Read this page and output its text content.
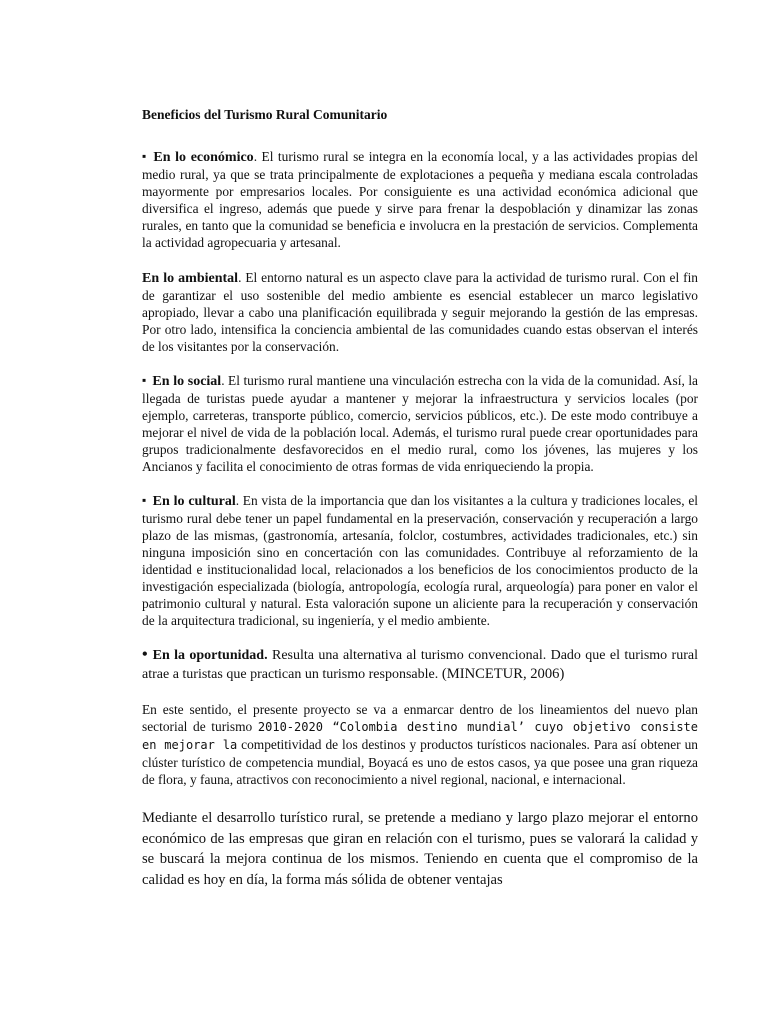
Beneficios del Turismo Rural Comunitario

▪ En lo económico. El turismo rural se integra en la economía local, y a las actividades propias del medio rural, ya que se trata principalmente de explotaciones a pequeña y mediana escala controladas mayormente por empresarios locales. Por consiguiente es una actividad económica adicional que diversifica el ingreso, además que puede y sirve para frenar la despoblación y dinamizar las zonas rurales, en tanto que la comunidad se beneficia e involucra en la prestación de servicios. Complementa la actividad agropecuaria y artesanal.

En lo ambiental. El entorno natural es un aspecto clave para la actividad de turismo rural. Con el fin de garantizar el uso sostenible del medio ambiente es esencial establecer un marco legislativo apropiado, llevar a cabo una planificación equilibrada y seguir mejorando la gestión de las empresas. Por otro lado, intensifica la conciencia ambiental de las comunidades cuando estas observan el interés de los visitantes por la conservación.

▪ En lo social. El turismo rural mantiene una vinculación estrecha con la vida de la comunidad. Así, la llegada de turistas puede ayudar a mantener y mejorar la infraestructura y servicios locales (por ejemplo, carreteras, transporte público, comercio, servicios públicos, etc.). De este modo contribuye a mejorar el nivel de vida de la población local. Además, el turismo rural puede crear oportunidades para grupos tradicionalmente desfavorecidos en el medio rural, como los jóvenes, las mujeres y los Ancianos y facilita el conocimiento de otras formas de vida enriqueciendo la propia.

▪ En lo cultural. En vista de la importancia que dan los visitantes a la cultura y tradiciones locales, el turismo rural debe tener un papel fundamental en la preservación, conservación y recuperación a largo plazo de las mismas, (gastronomía, artesanía, folclor, costumbres, actividades tradicionales, etc.) sin ninguna imposición sino en concertación con las comunidades. Contribuye al reforzamiento de la identidad e institucionalidad local, relacionados a los beneficios de los conocimientos producto de la investigación especializada (biología, antropología, ecología rural, arqueología) para poner en valor el patrimonio cultural y natural. Esta valoración supone un aliciente para la recuperación y conservación de la arquitectura tradicional, su ingeniería, y el medio ambiente.

• En la oportunidad. Resulta una alternativa al turismo convencional. Dado que el turismo rural atrae a turistas que practican un turismo responsable. (MINCETUR, 2006)

En este sentido, el presente proyecto se va a enmarcar dentro de los lineamientos del nuevo plan sectorial de turismo 2010-2020 “Colombia destino mundial’ cuyo objetivo consiste en mejorar la competitividad de los destinos y productos turísticos nacionales. Para así obtener un clúster turístico de competencia mundial, Boyacá es uno de estos casos, ya que posee una gran riqueza de flora, y fauna, atractivos con reconocimiento a nivel regional, nacional, e internacional.

Mediante el desarrollo turístico rural, se pretende a mediano y largo plazo mejorar el entorno económico de las empresas que giran en relación con el turismo, pues se valorará la calidad y se buscará la mejora continua de los mismos. Teniendo en cuenta que el compromiso de la calidad es hoy en día, la forma más sólida de obtener ventajas
